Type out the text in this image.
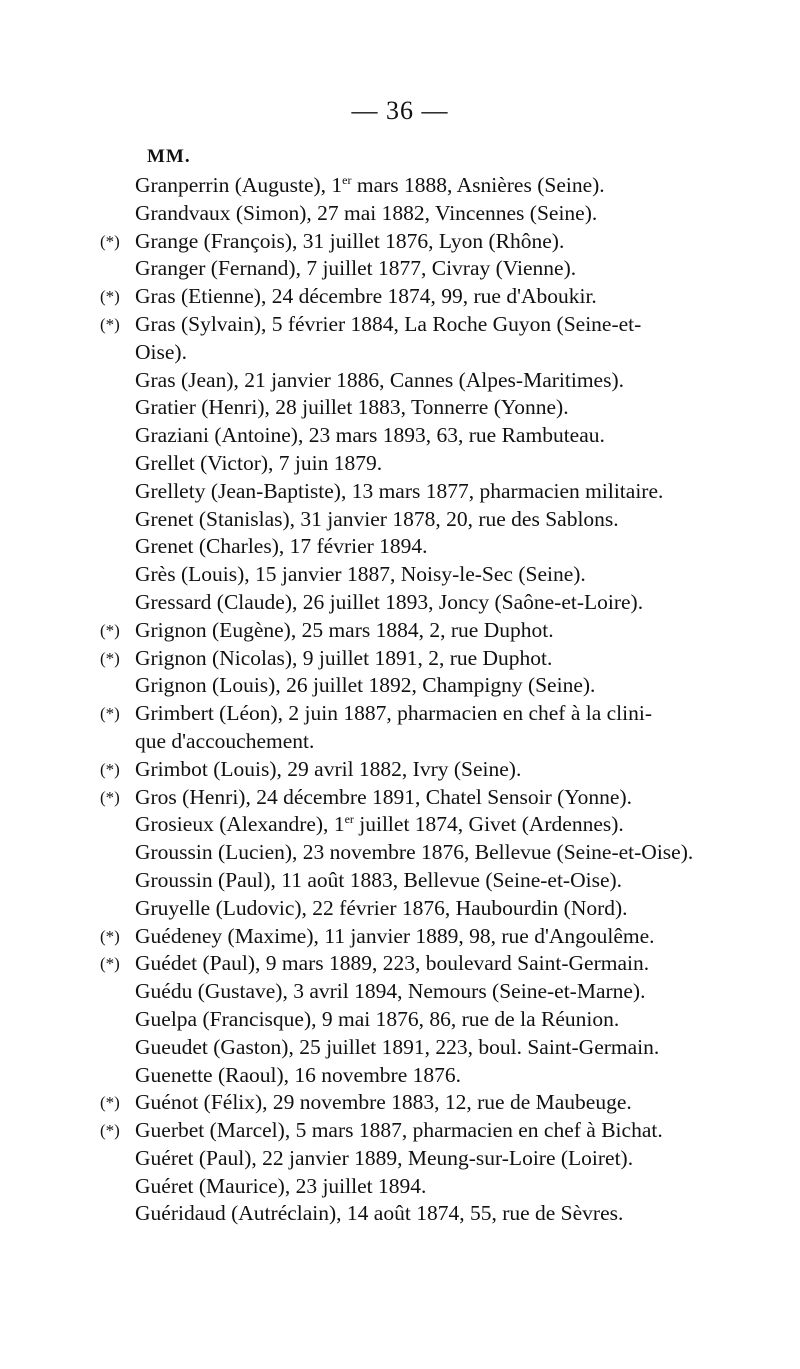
— 36 —
MM.
Granperrin (Auguste), 1er mars 1888, Asnières (Seine).
Grandvaux (Simon), 27 mai 1882, Vincennes (Seine).
(*) Grange (François), 31 juillet 1876, Lyon (Rhône).
Granger (Fernand), 7 juillet 1877, Civray (Vienne).
(*) Gras (Etienne), 24 décembre 1874, 99, rue d'Aboukir.
(*) Gras (Sylvain), 5 février 1884, La Roche Guyon (Seine-et-
Oise).
Gras (Jean), 21 janvier 1886, Cannes (Alpes-Maritimes).
Gratier (Henri), 28 juillet 1883, Tonnerre (Yonne).
Graziani (Antoine), 23 mars 1893, 63, rue Rambuteau.
Grellet (Victor), 7 juin 1879.
Grellety (Jean-Baptiste), 13 mars 1877, pharmacien militaire.
Grenet (Stanislas), 31 janvier 1878, 20, rue des Sablons.
Grenet (Charles), 17 février 1894.
Grès (Louis), 15 janvier 1887, Noisy-le-Sec (Seine).
Gressard (Claude), 26 juillet 1893, Joncy (Saône-et-Loire).
(*) Grignon (Eugène), 25 mars 1884, 2, rue Duphot.
(*) Grignon (Nicolas), 9 juillet 1891, 2, rue Duphot.
Grignon (Louis), 26 juillet 1892, Champigny (Seine).
(*) Grimbert (Léon), 2 juin 1887, pharmacien en chef à la clini-
que d'accouchement.
(*) Grimbot (Louis), 29 avril 1882, Ivry (Seine).
(*) Gros (Henri), 24 décembre 1891, Chatel Sensoir (Yonne).
Grosieux (Alexandre), 1er juillet 1874, Givet (Ardennes).
Groussin (Lucien), 23 novembre 1876, Bellevue (Seine-et-Oise).
Groussin (Paul), 11 août 1883, Bellevue (Seine-et-Oise).
Gruyelle (Ludovic), 22 février 1876, Haubourdin (Nord).
(*) Guédeney (Maxime), 11 janvier 1889, 98, rue d'Angoulême.
(*) Guédet (Paul), 9 mars 1889, 223, boulevard Saint-Germain.
Guédu (Gustave), 3 avril 1894, Nemours (Seine-et-Marne).
Guelpa (Francisque), 9 mai 1876, 86, rue de la Réunion.
Gueudet (Gaston), 25 juillet 1891, 223, boul. Saint-Germain.
Guenette (Raoul), 16 novembre 1876.
(*) Guénot (Félix), 29 novembre 1883, 12, rue de Maubeuge.
(*) Guerbet (Marcel), 5 mars 1887, pharmacien en chef à Bichat.
Guéret (Paul), 22 janvier 1889, Meung-sur-Loire (Loiret).
Guéret (Maurice), 23 juillet 1894.
Guéridaud (Autréclain), 14 août 1874, 55, rue de Sèvres.
